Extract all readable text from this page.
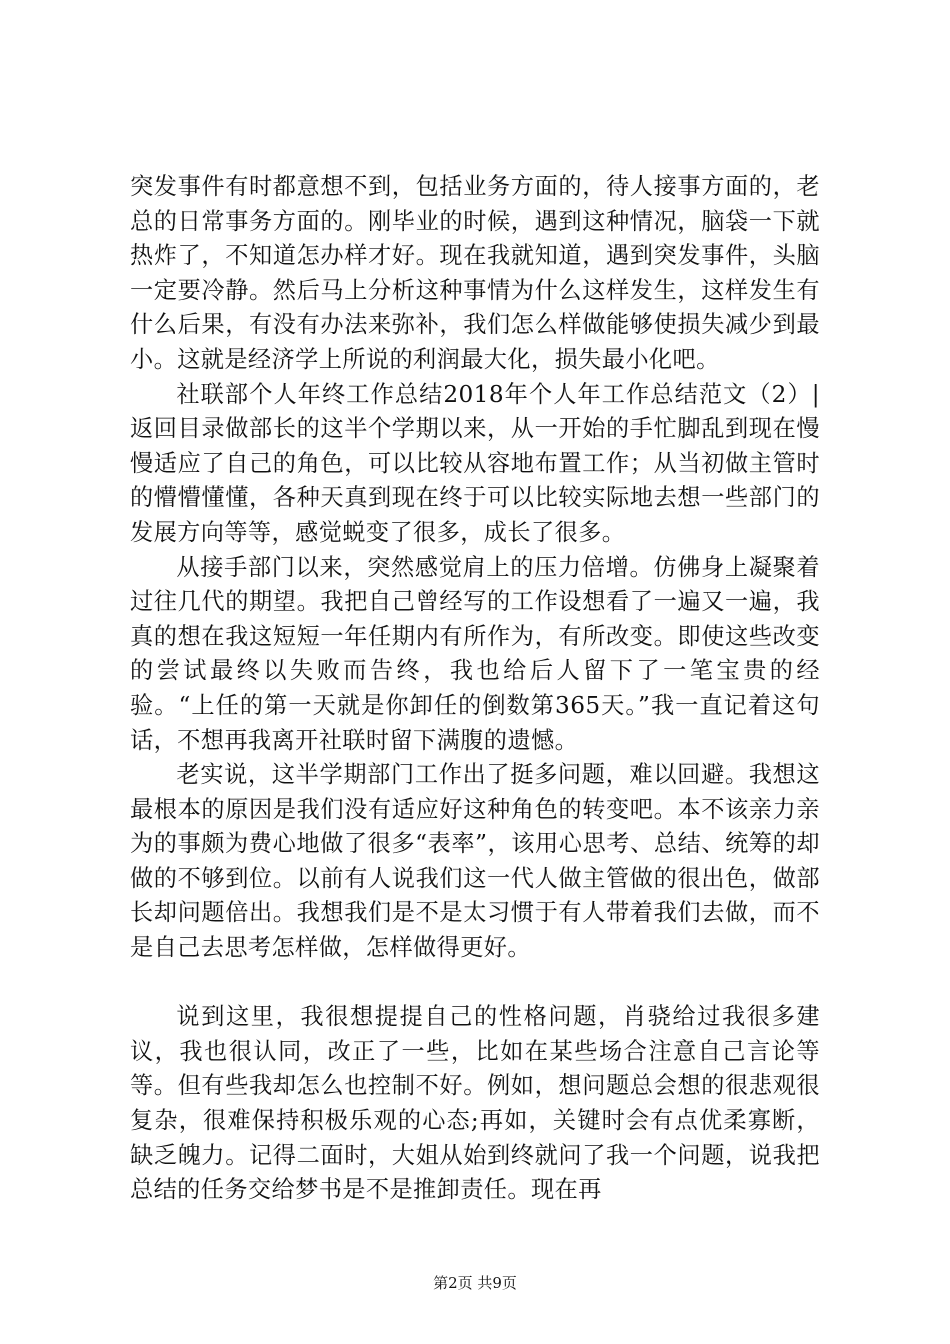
突发事件有时都意想不到，包括业务方面的，待人接事方面的，老总的日常事务方面的。刚毕业的时候，遇到这种情况，脑袋一下就热炸了，不知道怎办样才好。现在我就知道，遇到突发事件，头脑一定要冷静。然后马上分析这种事情为什么这样发生，这样发生有什么后果，有没有办法来弥补，我们怎么样做能够使损失减少到最小。这就是经济学上所说的利润最大化，损失最小化吧。

社联部个人年终工作总结2018年个人年工作总结范文（2）|返回目录做部长的这半个学期以来，从一开始的手忙脚乱到现在慢慢适应了自己的角色，可以比较从容地布置工作；从当初做主管时的懵懵懂懂，各种天真到现在终于可以比较实际地去想一些部门的发展方向等等，感觉蜕变了很多，成长了很多。

从接手部门以来，突然感觉肩上的压力倍增。仿佛身上凝聚着过往几代的期望。我把自己曾经写的工作设想看了一遍又一遍，我真的想在我这短短一年任期内有所作为，有所改变。即使这些改变的尝试最终以失败而告终，我也给后人留下了一笔宝贵的经验。“上任的第一天就是你卸任的倒数第365天。”我一直记着这句话，不想再我离开社联时留下满腹的遗憾。

老实说，这半学期部门工作出了挺多问题，难以回避。我想这最根本的原因是我们没有适应好这种角色的转变吧。本不该亲力亲为的事颇为费心地做了很多“表率”，该用心思考、总结、统筹的却做的不够到位。以前有人说我们这一代人做主管做的很出色，做部长却问题倍出。我想我们是不是太习惯于有人带着我们去做，而不是自己去思考怎样做，怎样做得更好。

说到这里，我很想提提自己的性格问题，肖骁给过我很多建议，我也很认同，改正了一些，比如在某些场合注意自己言论等等。但有些我却怎么也控制不好。例如，想问题总会想的很悲观很复杂，很难保持积极乐观的心态;再如，关键时会有点优柔寡断，缺乏魄力。记得二面时，大姐从始到终就问了我一个问题，说我把总结的任务交给梦书是不是推卸责任。现在再

第2页 共9页
